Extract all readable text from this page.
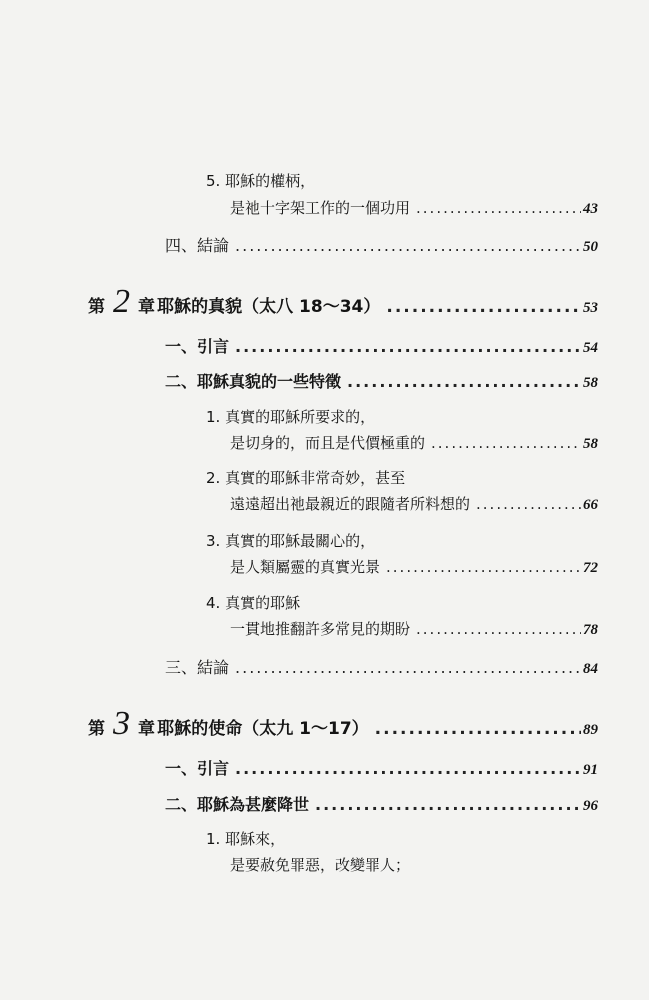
5. 耶穌的權柄，
是祂十字架工作的一個功用 .....	43
四、結論 .....	50
第 2 章 耶穌的真貌（太八 18～34） .....	53
一、引言 .....	54
二、耶穌真貌的一些特徵 .....	58
1. 真實的耶穌所要求的，
是切身的，而且是代價極重的 .....	58
2. 真實的耶穌非常奇妙，甚至
遠遠超出祂最親近的跟隨者所料想的 .....	66
3. 真實的耶穌最關心的，
是人類屬靈的真實光景 .....	72
4. 真實的耶穌
一貫地推翻許多常見的期盼 .....	78
三、結論 .....	84
第 3 章 耶穌的使命（太九 1～17） .....	89
一、引言 .....	91
二、耶穌為甚麼降世 .....	96
1. 耶穌來，
是要赦免罪惡，改變罪人；
